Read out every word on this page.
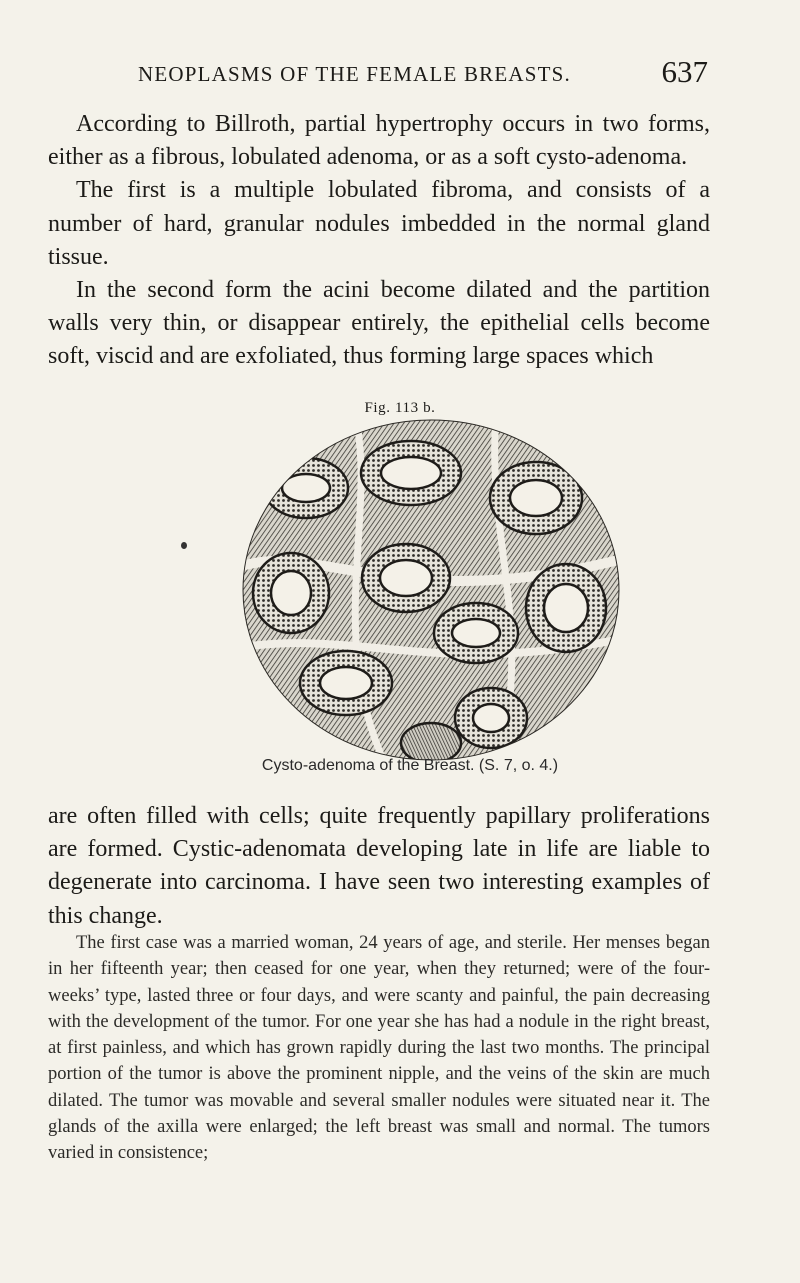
NEOPLASMS OF THE FEMALE BREASTS.	637

According to Billroth, partial hypertrophy occurs in two forms, either as a fibrous, lobulated adenoma, or as a soft cysto-adenoma.

The first is a multiple lobulated fibroma, and consists of a number of hard, granular nodules imbedded in the normal gland tissue.

In the second form the acini become dilated and the partition walls very thin, or disappear entirely, the epithelial cells become soft, viscid and are exfoliated, thus forming large spaces which

Fig. 113 b.
Cysto-adenoma of the Breast. (S. 7, o. 4.)

are often filled with cells; quite frequently papillary proliferations are formed. Cystic-adenomata developing late in life are liable to degenerate into carcinoma. I have seen two interesting examples of this change.

The first case was a married woman, 24 years of age, and sterile. Her menses began in her fifteenth year; then ceased for one year, when they returned; were of the four-weeks’ type, lasted three or four days, and were scanty and painful, the pain decreasing with the development of the tumor. For one year she has had a nodule in the right breast, at first painless, and which has grown rapidly during the last two months. The principal portion of the tumor is above the prominent nipple, and the veins of the skin are much dilated. The tumor was movable and several smaller nodules were situated near it. The glands of the axilla were enlarged; the left breast was small and normal. The tumors varied in consistence;
